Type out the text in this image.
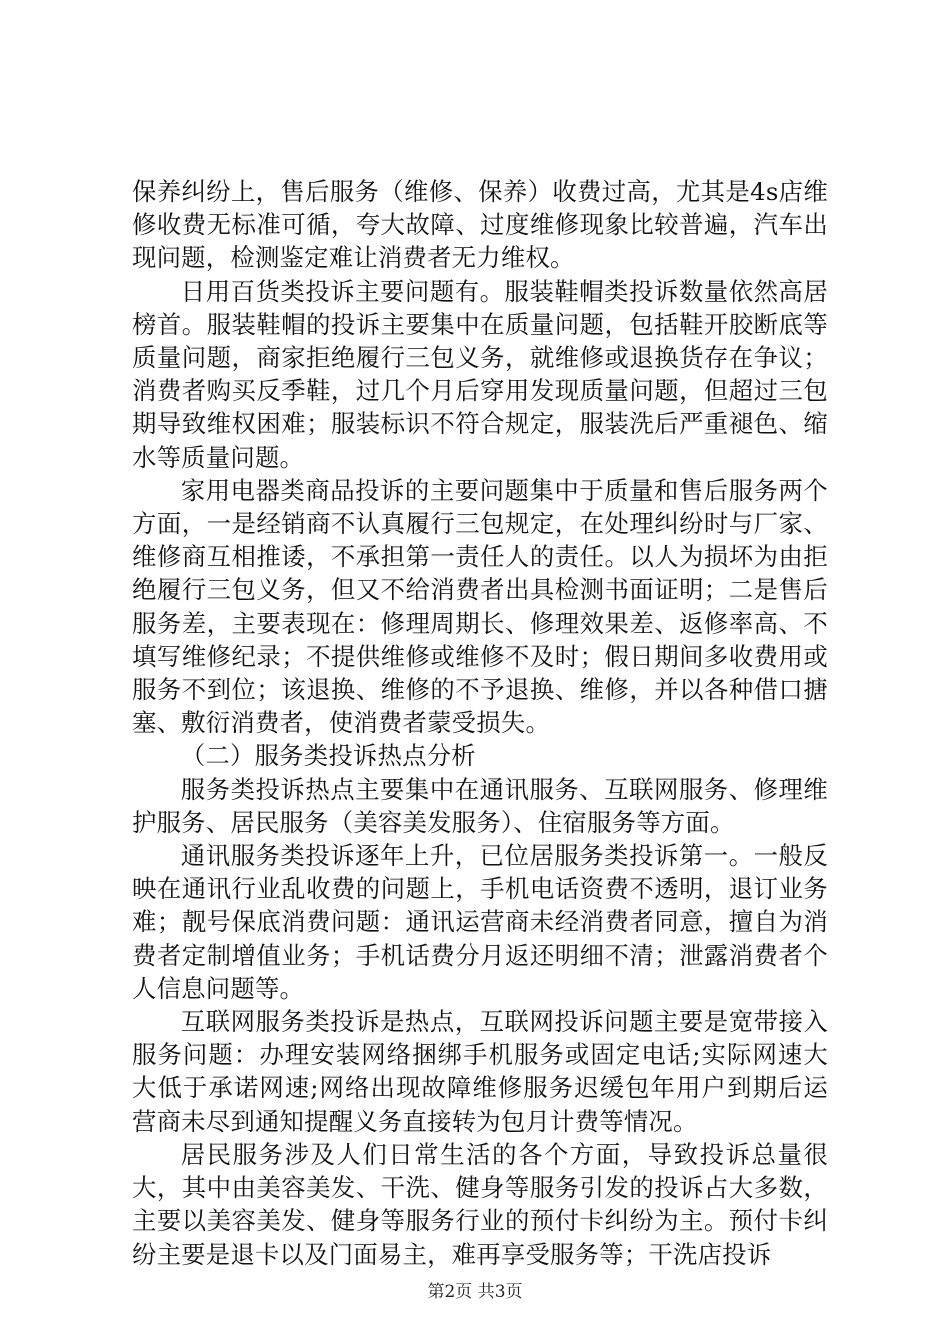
保养纠纷上，售后服务（维修、保养）收费过高，尤其是4s店维修收费无标准可循，夸大故障、过度维修现象比较普遍，汽车出现问题，检测鉴定难让消费者无力维权。

日用百货类投诉主要问题有。服装鞋帽类投诉数量依然高居榜首。服装鞋帽的投诉主要集中在质量问题，包括鞋开胶断底等质量问题，商家拒绝履行三包义务，就维修或退换货存在争议；消费者购买反季鞋，过几个月后穿用发现质量问题，但超过三包期导致维权困难；服装标识不符合规定，服装洗后严重褪色、缩水等质量问题。

家用电器类商品投诉的主要问题集中于质量和售后服务两个方面，一是经销商不认真履行三包规定，在处理纠纷时与厂家、维修商互相推诿，不承担第一责任人的责任。以人为损坏为由拒绝履行三包义务，但又不给消费者出具检测书面证明；二是售后服务差，主要表现在：修理周期长、修理效果差、返修率高、不填写维修纪录；不提供维修或维修不及时；假日期间多收费用或服务不到位；该退换、维修的不予退换、维修，并以各种借口搪塞、敷衍消费者，使消费者蒙受损失。

（二）服务类投诉热点分析

服务类投诉热点主要集中在通讯服务、互联网服务、修理维护服务、居民服务（美容美发服务）、住宿服务等方面。

通讯服务类投诉逐年上升，已位居服务类投诉第一。一般反映在通讯行业乱收费的问题上，手机电话资费不透明，退订业务难；靓号保底消费问题：通讯运营商未经消费者同意，擅自为消费者定制增值业务；手机话费分月返还明细不清；泄露消费者个人信息问题等。

互联网服务类投诉是热点，互联网投诉问题主要是宽带接入服务问题：办理安装网络捆绑手机服务或固定电话;实际网速大大低于承诺网速;网络出现故障维修服务迟缓包年用户到期后运营商未尽到通知提醒义务直接转为包月计费等情况。

居民服务涉及人们日常生活的各个方面，导致投诉总量很大，其中由美容美发、干洗、健身等服务引发的投诉占大多数，主要以美容美发、健身等服务行业的预付卡纠纷为主。预付卡纠纷主要是退卡以及门面易主，难再享受服务等；干洗店投诉

第2页 共3页
